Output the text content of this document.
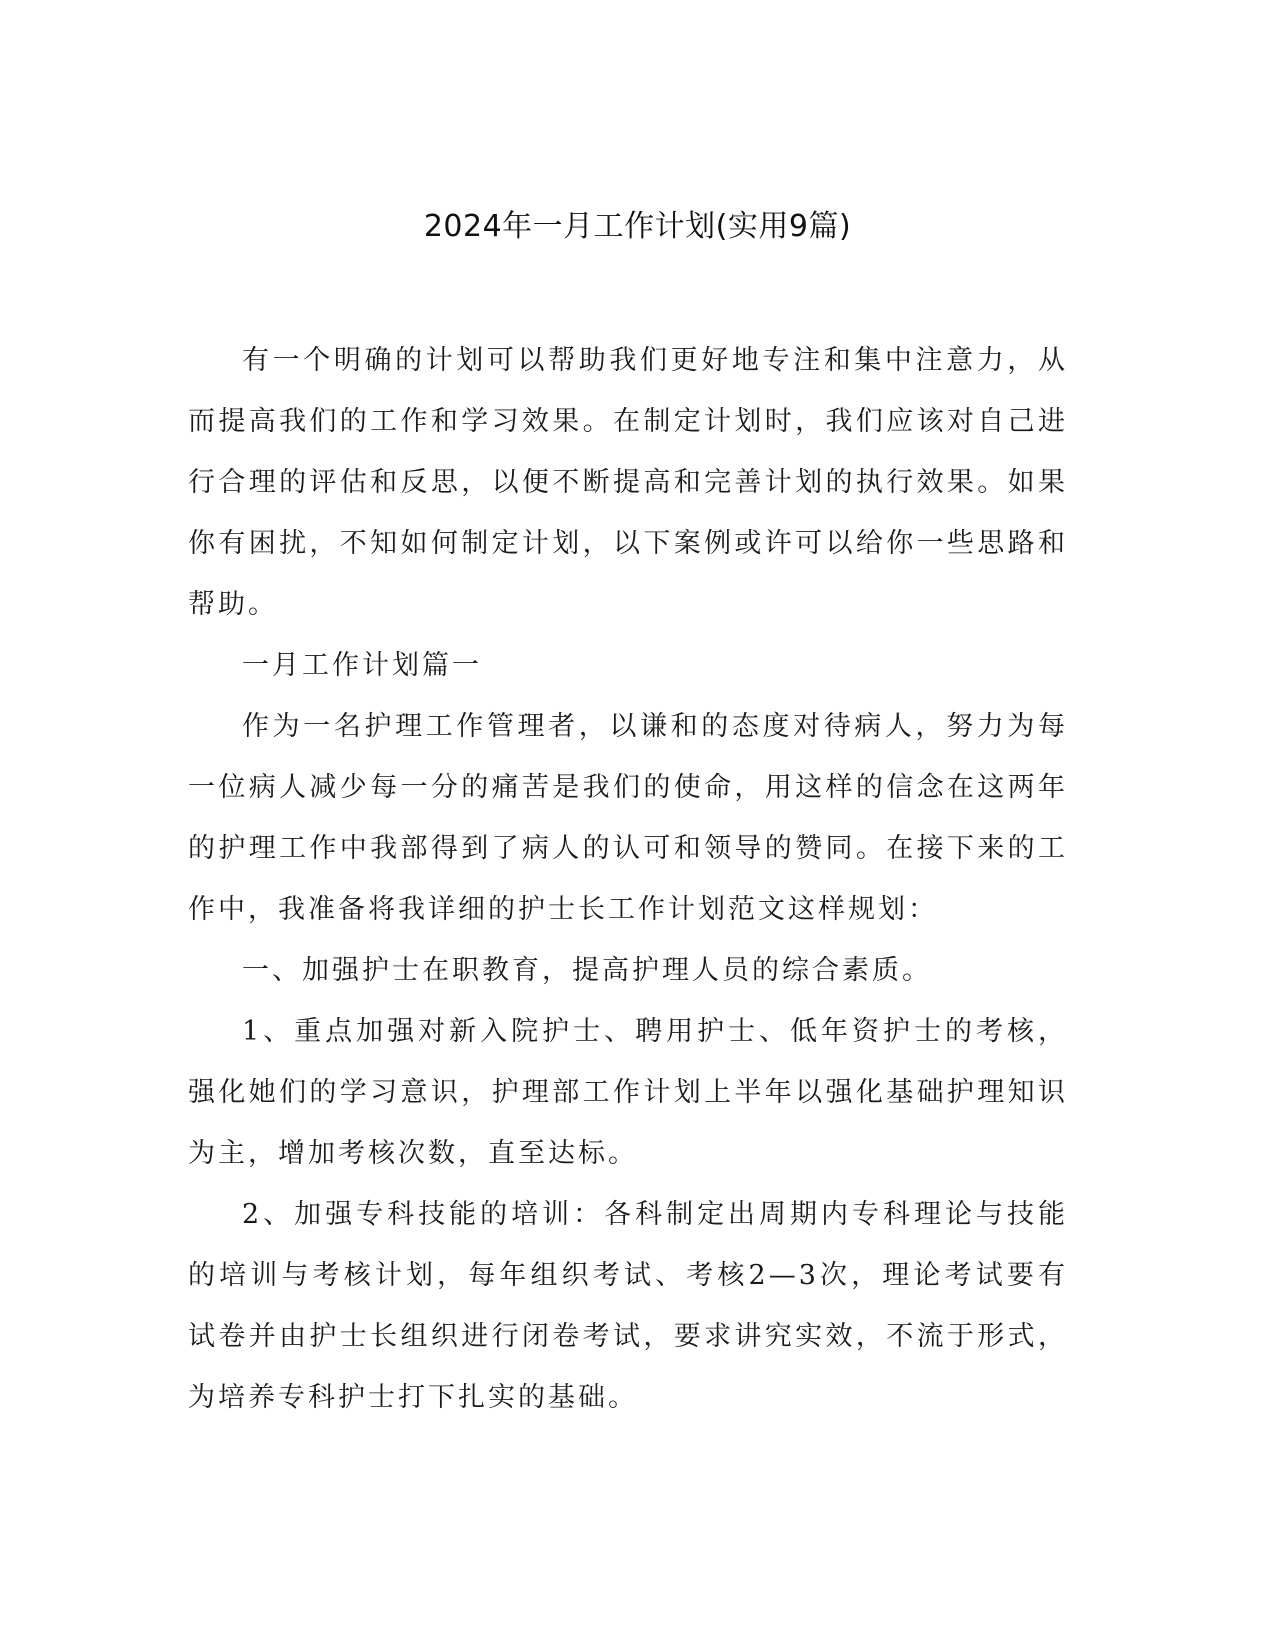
2024年一月工作计划(实用9篇)

有一个明确的计划可以帮助我们更好地专注和集中注意力，从而提高我们的工作和学习效果。在制定计划时，我们应该对自己进行合理的评估和反思，以便不断提高和完善计划的执行效果。如果你有困扰，不知如何制定计划，以下案例或许可以给你一些思路和帮助。

一月工作计划篇一

作为一名护理工作管理者，以谦和的态度对待病人，努力为每一位病人减少每一分的痛苦是我们的使命，用这样的信念在这两年的护理工作中我部得到了病人的认可和领导的赞同。在接下来的工作中，我准备将我详细的护士长工作计划范文这样规划：

一、加强护士在职教育，提高护理人员的综合素质。

1、重点加强对新入院护士、聘用护士、低年资护士的考核，强化她们的学习意识，护理部工作计划上半年以强化基础护理知识为主，增加考核次数，直至达标。

2、加强专科技能的培训：各科制定出周期内专科理论与技能的培训与考核计划，每年组织考试、考核2—3次，理论考试要有试卷并由护士长组织进行闭卷考试，要求讲究实效，不流于形式，为培养专科护士打下扎实的基础。
